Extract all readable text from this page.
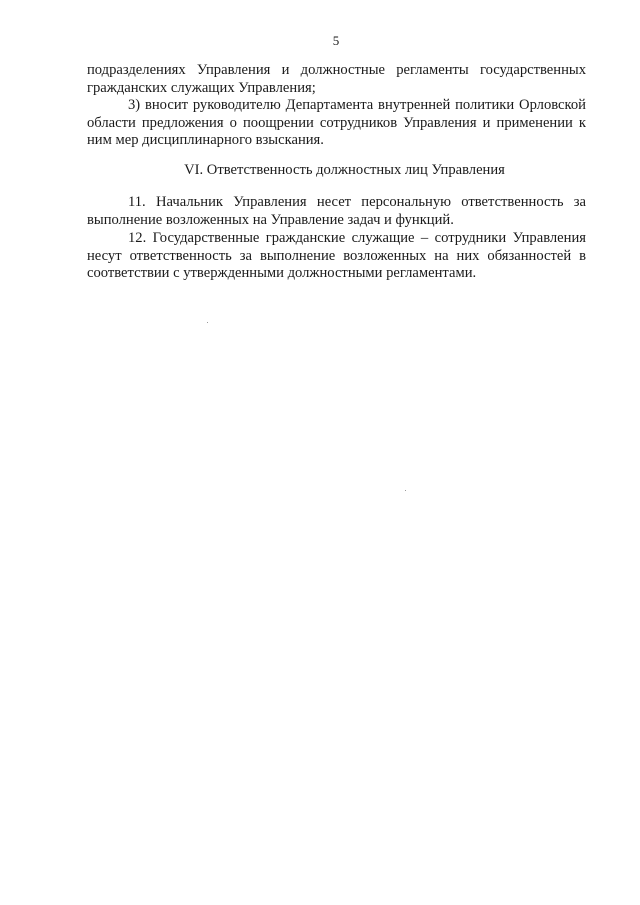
5

подразделениях Управления и должностные регламенты государственных гражданских служащих Управления;

3) вносит руководителю Департамента внутренней политики Орловской области предложения о поощрении сотрудников Управления и применении к ним мер дисциплинарного взыскания.

VI. Ответственность должностных лиц Управления

11. Начальник Управления несет персональную ответственность за выполнение возложенных на Управление задач и функций.

12. Государственные гражданские служащие – сотрудники Управления несут ответственность за выполнение возложенных на них обязанностей в соответствии с утвержденными должностными регламентами.
